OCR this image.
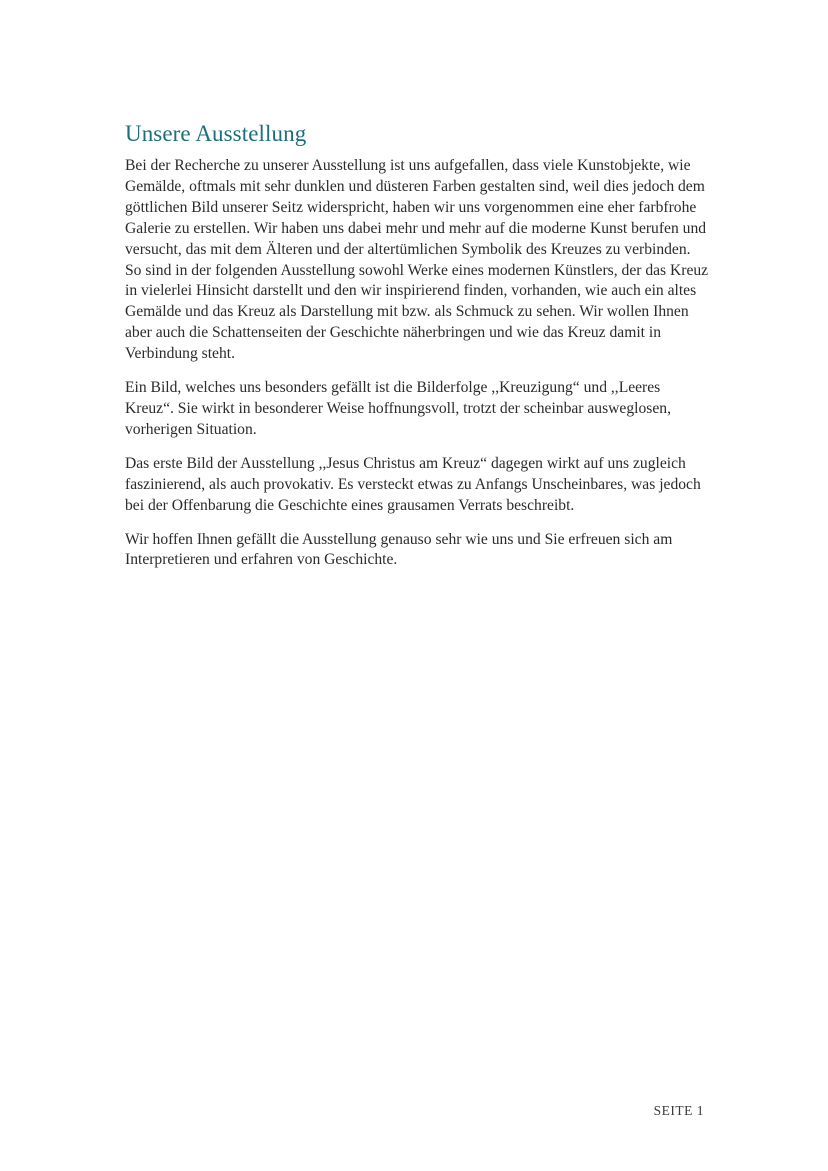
Unsere Ausstellung

Bei der Recherche zu unserer Ausstellung ist uns aufgefallen, dass viele Kunstobjekte, wie Gemälde, oftmals mit sehr dunklen und düsteren Farben gestalten sind, weil dies jedoch dem göttlichen Bild unserer Seitz widerspricht, haben wir uns vorgenommen eine eher farbfrohe Galerie zu erstellen. Wir haben uns dabei mehr und mehr auf die moderne Kunst berufen und versucht, das mit dem Älteren und der altertümlichen Symbolik des Kreuzes zu verbinden. So sind in der folgenden Ausstellung sowohl Werke eines modernen Künstlers, der das Kreuz in vielerlei Hinsicht darstellt und den wir inspirierend finden, vorhanden, wie auch ein altes Gemälde und das Kreuz als Darstellung mit bzw. als Schmuck zu sehen. Wir wollen Ihnen aber auch die Schattenseiten der Geschichte näherbringen und wie das Kreuz damit in Verbindung steht.

Ein Bild, welches uns besonders gefällt ist die Bilderfolge ,,Kreuzigung“ und ,,Leeres Kreuz“. Sie wirkt in besonderer Weise hoffnungsvoll, trotzt der scheinbar ausweglosen, vorherigen Situation.

Das erste Bild der Ausstellung ,,Jesus Christus am Kreuz“ dagegen wirkt auf uns zugleich faszinierend, als auch provokativ. Es versteckt etwas zu Anfangs Unscheinbares, was jedoch bei der Offenbarung die Geschichte eines grausamen Verrats beschreibt.

Wir hoffen Ihnen gefällt die Ausstellung genauso sehr wie uns und Sie erfreuen sich am Interpretieren und erfahren von Geschichte.

SEITE 1
